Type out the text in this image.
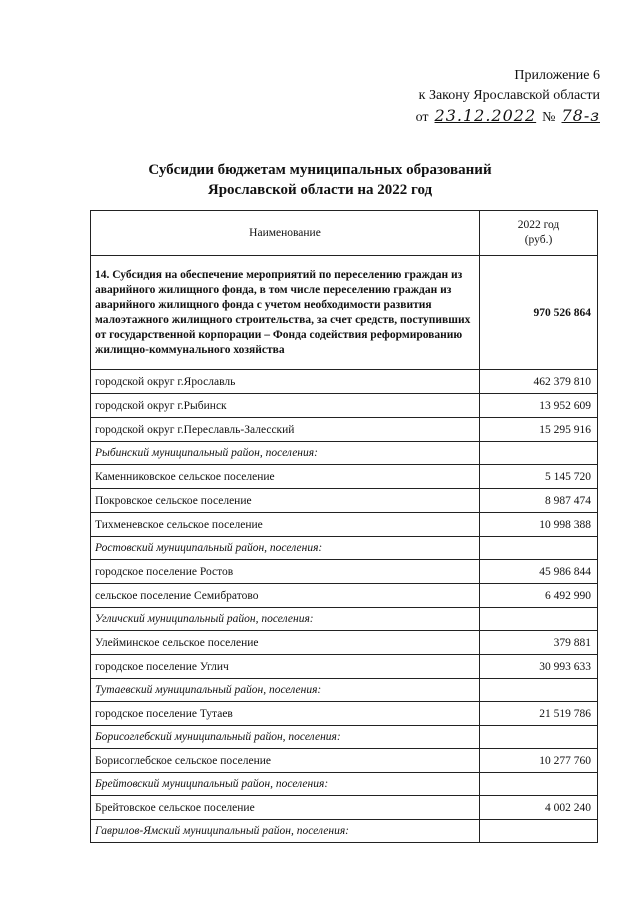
Приложение 6
к Закону Ярославской области
от 23.12.2022 № 78-з
Субсидии бюджетам муниципальных образований
Ярославской области на 2022 год
Наименование	2022 год
(руб.)
14. Субсидия на обеспечение мероприятий по переселению граждан из аварийного жилищного фонда, в том числе переселению граждан из аварийного жилищного фонда с учетом необходимости развития малоэтажного жилищного строительства, за счет средств, поступивших от государственной корпорации – Фонда содействия реформированию жилищно-коммунального хозяйства	970 526 864
городской округ г.Ярославль	462 379 810
городской округ г.Рыбинск	13 952 609
городской округ г.Переславль-Залесский	15 295 916
Рыбинский муниципальный район, поселения:	
Каменниковское сельское поселение	5 145 720
Покровское сельское поселение	8 987 474
Тихменевское сельское поселение	10 998 388
Ростовский муниципальный район, поселения:	
городское поселение Ростов	45 986 844
сельское поселение Семибратово	6 492 990
Угличский муниципальный район, поселения:	
Улейминское сельское поселение	379 881
городское поселение Углич	30 993 633
Тутаевский муниципальный район, поселения:	
городское поселение Тутаев	21 519 786
Борисоглебский муниципальный район, поселения:	
Борисоглебское сельское поселение	10 277 760
Брейтовский муниципальный район, поселения:	
Брейтовское сельское поселение	4 002 240
Гаврилов-Ямский муниципальный район, поселения:	
